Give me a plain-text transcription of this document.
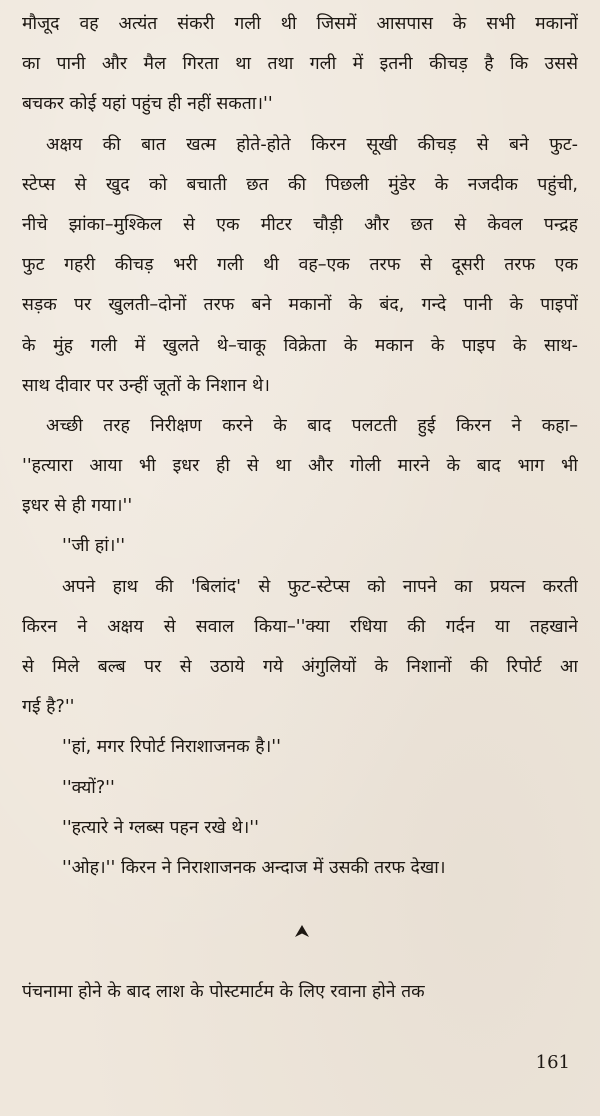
मौजूद वह अत्यंत संकरी गली थी जिसमें आसपास के सभी मकानों
का पानी और मैल गिरता था तथा गली में इतनी कीचड़ है कि उससे
बचकर कोई यहां पहुंच ही नहीं सकता।''
अक्षय की बात खत्म होते-होते किरन सूखी कीचड़ से बने फुट-
स्टेप्स से खुद को बचाती छत की पिछली मुंडेर के नजदीक पहुंची,
नीचे झांका–मुश्किल से एक मीटर चौड़ी और छत से केवल पन्द्रह
फुट गहरी कीचड़ भरी गली थी वह–एक तरफ से दूसरी तरफ एक
सड़क पर खुलती–दोनों तरफ बने मकानों के बंद, गन्दे पानी के पाइपों
के मुंह गली में खुलते थे–चाकू विक्रेता के मकान के पाइप के साथ-
साथ दीवार पर उन्हीं जूतों के निशान थे।
अच्छी तरह निरीक्षण करने के बाद पलटती हुई किरन ने कहा–
''हत्यारा आया भी इधर ही से था और गोली मारने के बाद भाग भी
इधर से ही गया।''
''जी हां।''
अपने हाथ की 'बिलांद' से फुट-स्टेप्स को नापने का प्रयत्न करती
किरन ने अक्षय से सवाल किया–''क्या रधिया की गर्दन या तहखाने
से मिले बल्ब पर से उठाये गये अंगुलियों के निशानों की रिपोर्ट आ
गई है?''
''हां, मगर रिपोर्ट निराशाजनक है।''
''क्यों?''
''हत्यारे ने ग्लब्स पहन रखे थे।''
''ओह।'' किरन ने निराशाजनक अन्दाज में उसकी तरफ देखा।
पंचनामा होने के बाद लाश के पोस्टमार्टम के लिए रवाना होने तक
161
